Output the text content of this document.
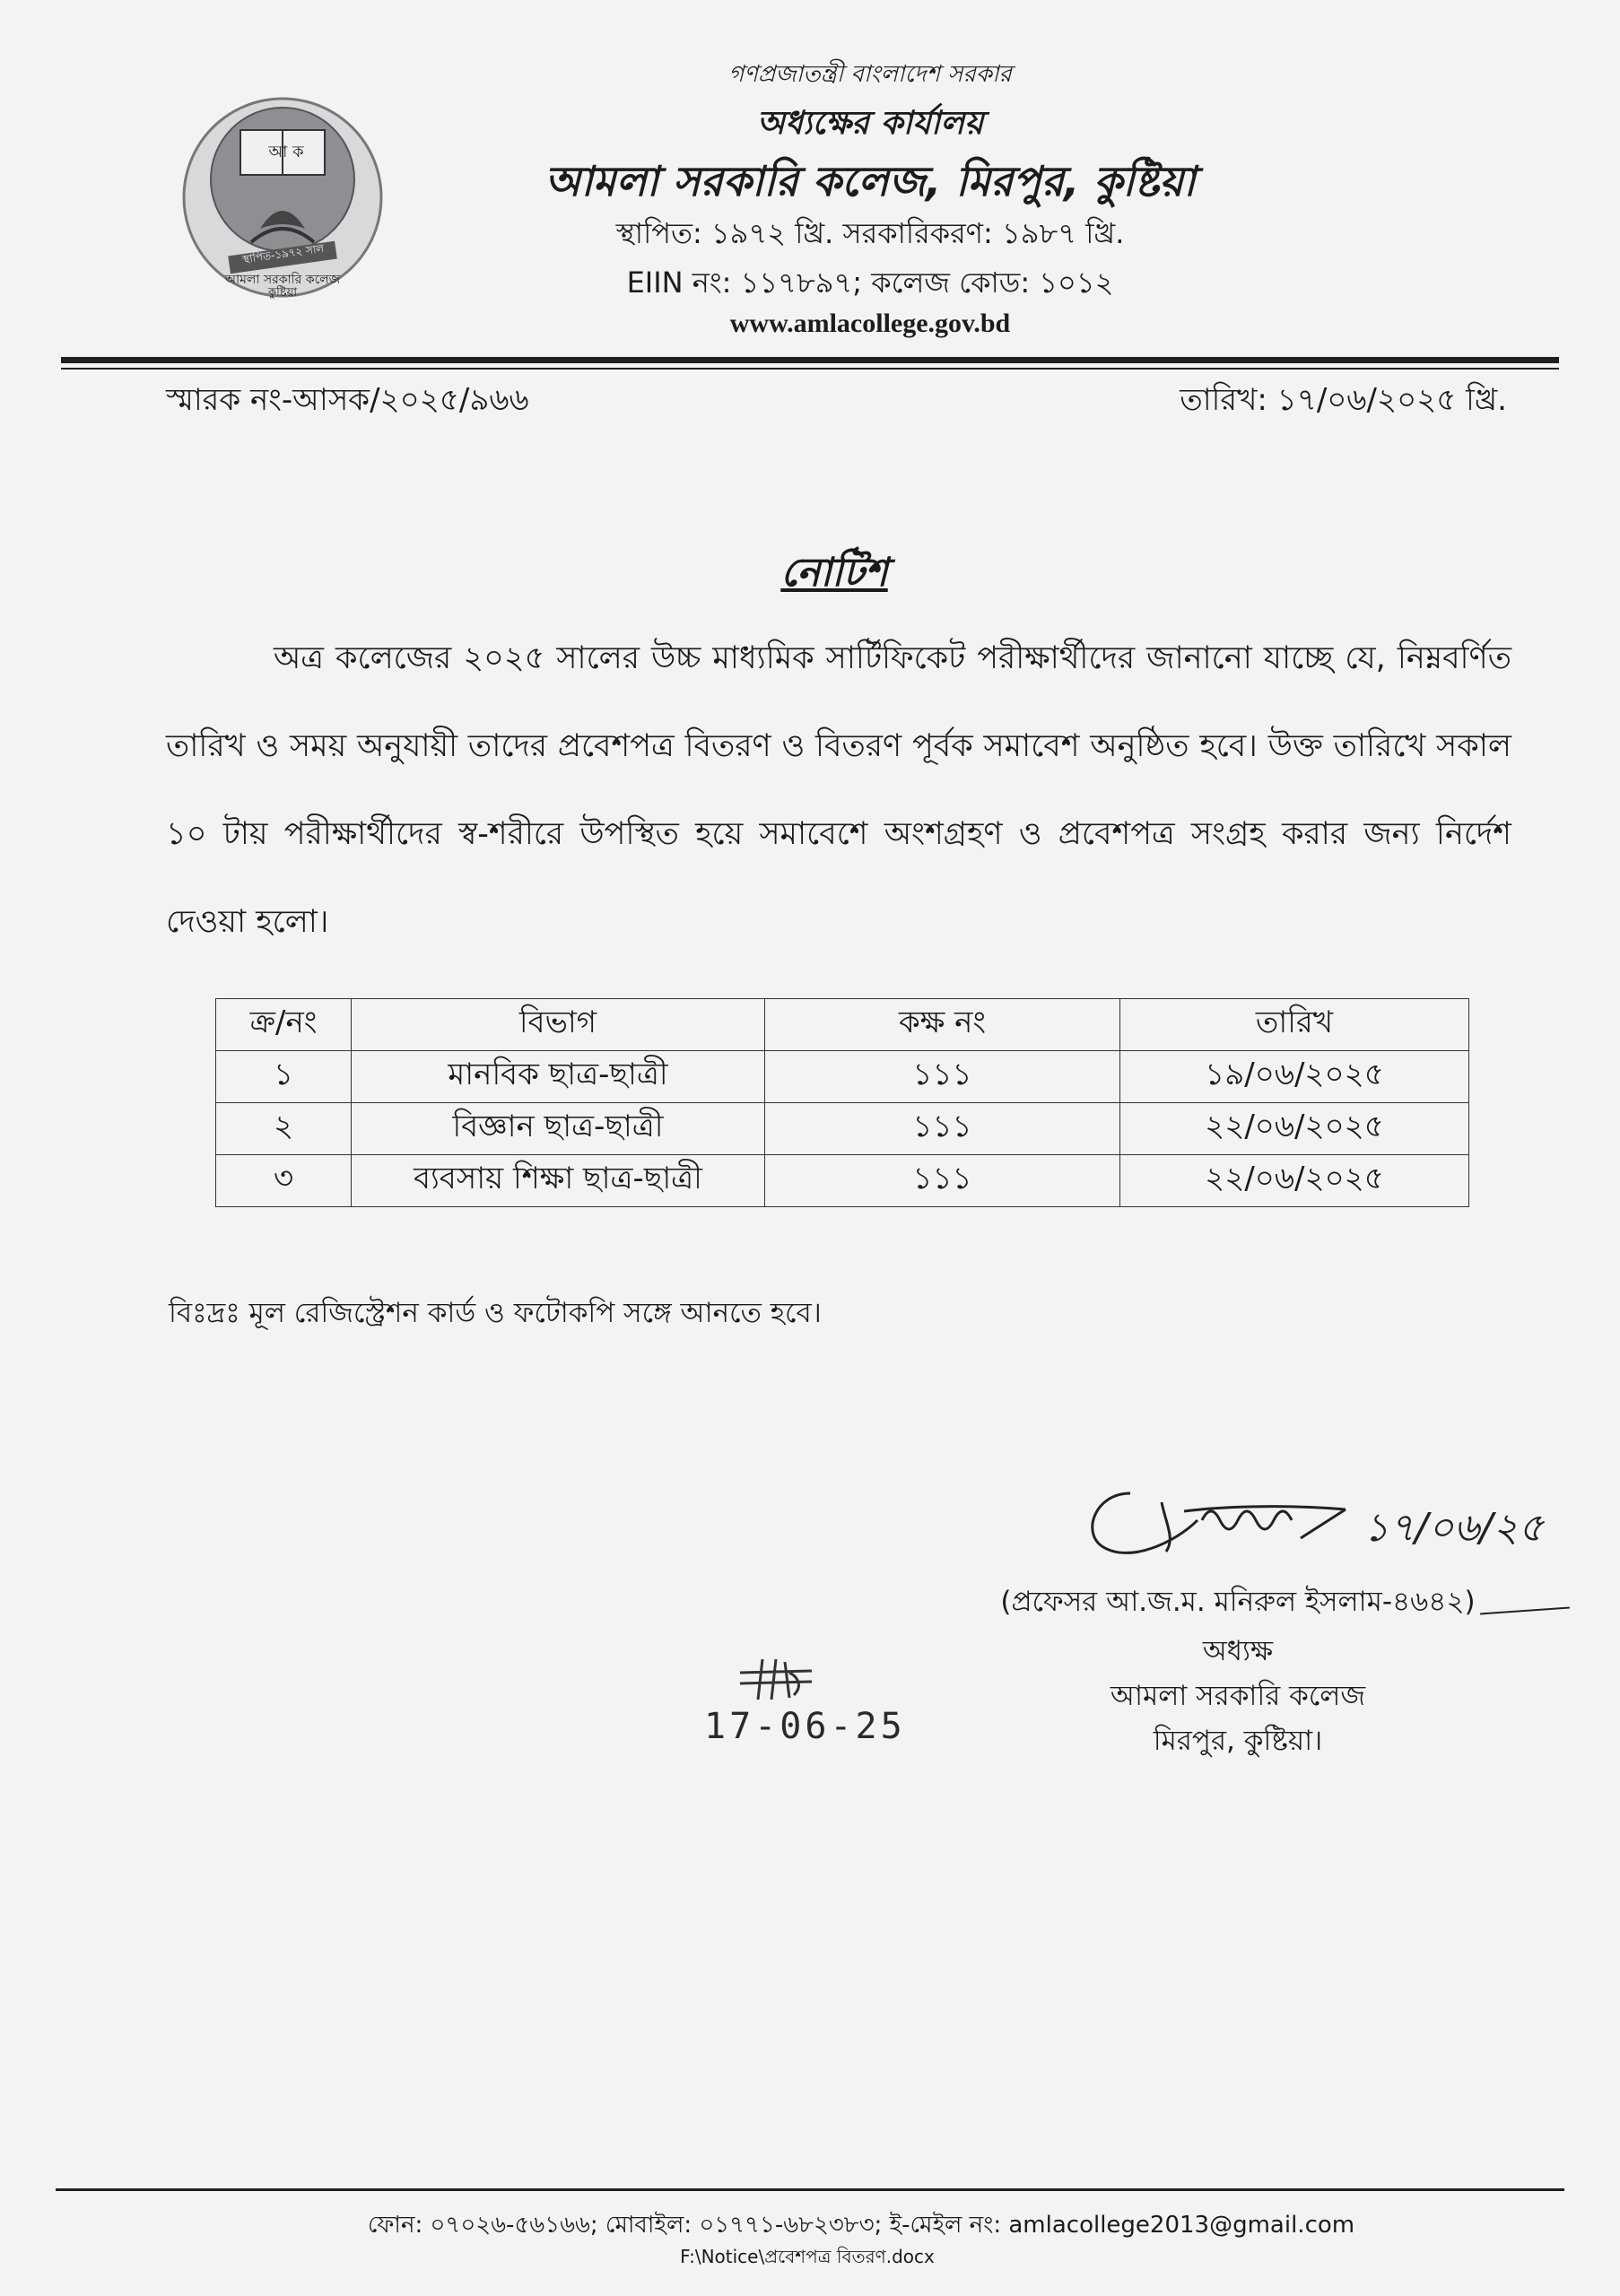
আ ক
স্থাপিত-১৯৭২ সাল
আমলা সরকারি কলেজ
কুষ্টিয়া
গণপ্রজাতন্ত্রী বাংলাদেশ সরকার
অধ্যক্ষের কার্যালয়
আমলা সরকারি কলেজ, মিরপুর, কুষ্টিয়া
স্থাপিত: ১৯৭২ খ্রি. সরকারিকরণ: ১৯৮৭ খ্রি.
EIIN নং: ১১৭৮৯৭; কলেজ কোড: ১০১২
www.amlacollege.gov.bd
স্মারক নং-আসক/২০২৫/৯৬৬	তারিখ: ১৭/০৬/২০২৫ খ্রি.
নোটিশ
অত্র কলেজের ২০২৫ সালের উচ্চ মাধ্যমিক সার্টিফিকেট পরীক্ষার্থীদের জানানো যাচ্ছে যে, নিম্নবর্ণিত তারিখ ও সময় অনুযায়ী তাদের প্রবেশপত্র বিতরণ ও বিতরণ পূর্বক সমাবেশ অনুষ্ঠিত হবে। উক্ত তারিখে সকাল ১০ টায় পরীক্ষার্থীদের স্ব-শরীরে উপস্থিত হয়ে সমাবেশে অংশগ্রহণ ও প্রবেশপত্র সংগ্রহ করার জন্য নির্দেশ দেওয়া হলো।
ক্র/নং	বিভাগ	কক্ষ নং	তারিখ
১	মানবিক ছাত্র-ছাত্রী	১১১	১৯/০৬/২০২৫
২	বিজ্ঞান ছাত্র-ছাত্রী	১১১	২২/০৬/২০২৫
৩	ব্যবসায় শিক্ষা ছাত্র-ছাত্রী	১১১	২২/০৬/২০২৫
বিঃদ্রঃ মূল রেজিস্ট্রেশন কার্ড ও ফটোকপি সঙ্গে আনতে হবে।
১৭/০৬/২৫
(প্রফেসর আ.জ.ম. মনিরুল ইসলাম-৪৬৪২)
অধ্যক্ষ
আমলা সরকারি কলেজ
মিরপুর, কুষ্টিয়া।
17-06-25
ফোন: ০৭০২৬-৫৬১৬৬; মোবাইল: ০১৭৭১-৬৮২৩৮৩; ই-মেইল নং: amlacollege2013@gmail.com
F:\Notice\প্রবেশপত্র বিতরণ.docx
